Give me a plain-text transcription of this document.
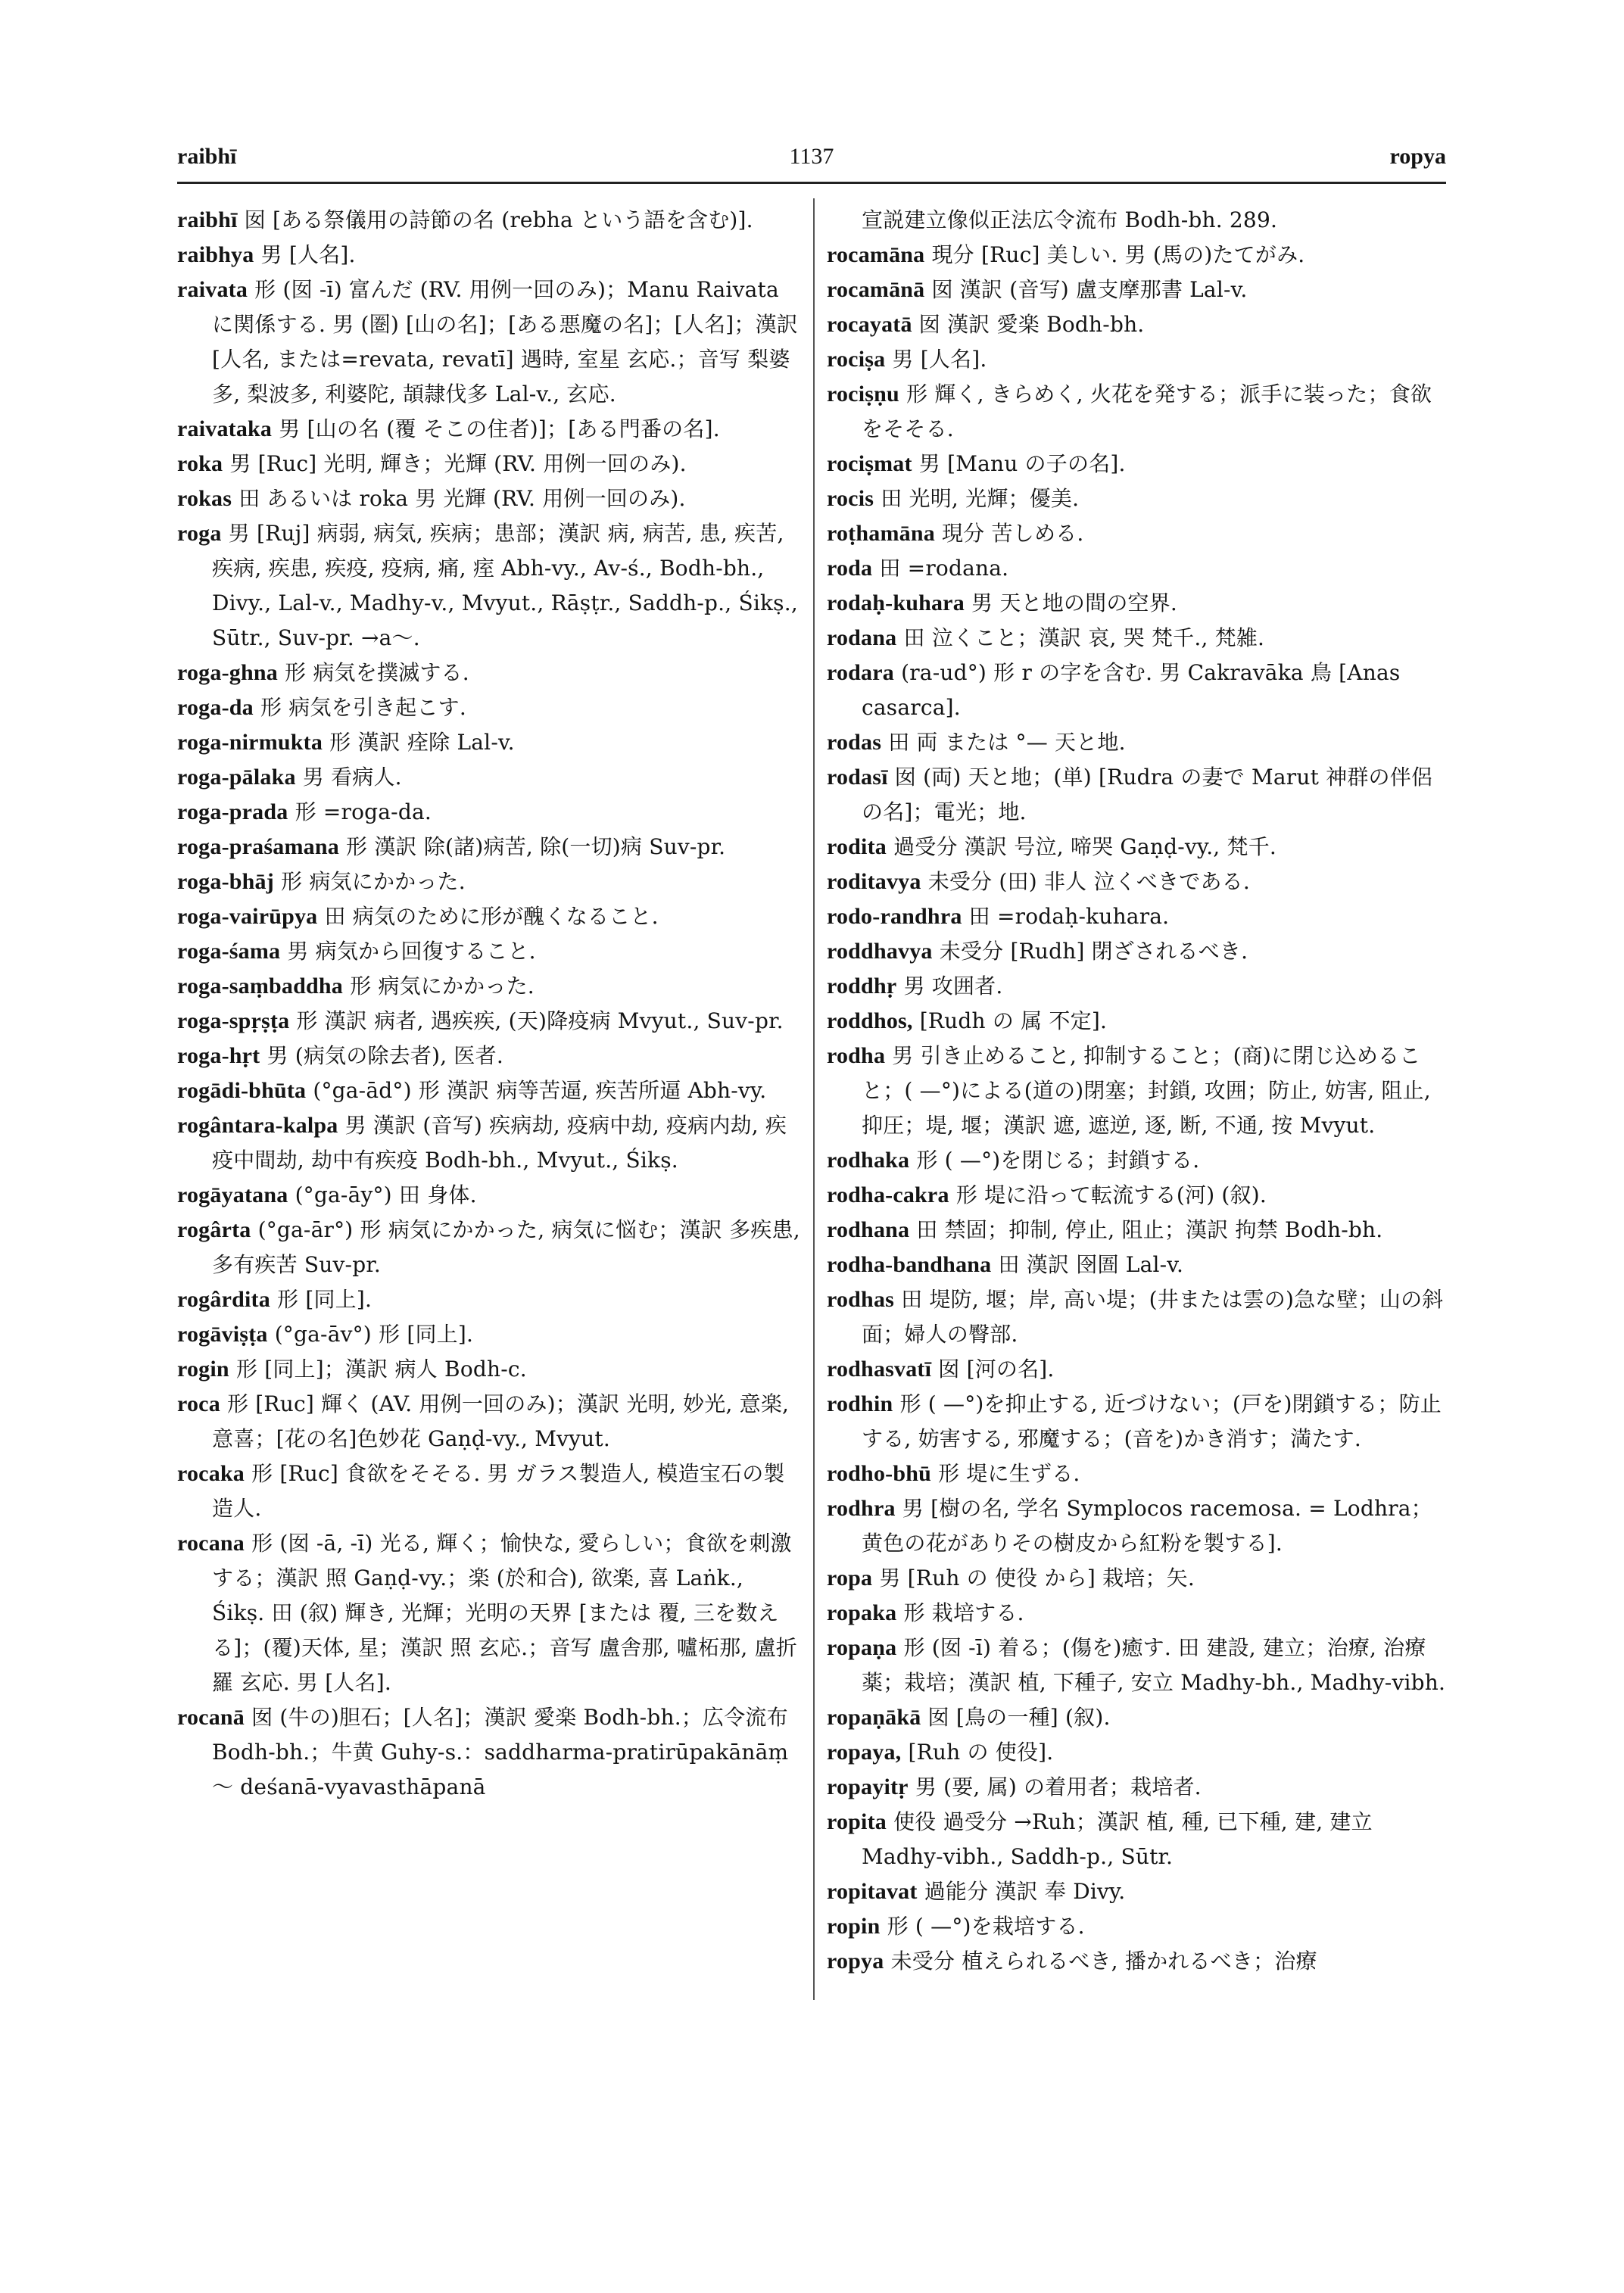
raibhī	1137	ropya

raibhī 囡 [ある祭儀用の詩節の名 (rebha という語を含む)].

raibhya 男 [人名].

raivata 形 (囡 -ī) 富んだ (RV. 用例一回のみ)；Manu Raivata に関係する. 男 (圏) [山の名]；[ある悪魔の名]；[人名]；漢訳 [人名, または=revata, revatī] 遇時, 室星 玄応.；音写 梨婆多, 梨波多, 利婆陀, 頡隷伐多 Lal-v., 玄応.

raivataka 男 [山の名 (覆 そこの住者)]；[ある門番の名].

roka 男 [Ruc] 光明, 輝き；光輝 (RV. 用例一回のみ).

rokas 田 あるいは roka 男 光輝 (RV. 用例一回のみ).

roga 男 [Ruj] 病弱, 病気, 疾病；患部；漢訳 病, 病苦, 患, 疾苦, 疾病, 疾患, 疾疫, 疫病, 痛, 痓 Abh-vy., Av-ś., Bodh-bh., Divy., Lal-v., Madhy-v., Mvyut., Rāṣṭr., Saddh-p., Śikṣ., Sūtr., Suv-pr. →a～.

roga-ghna 形 病気を撲滅する.

roga-da 形 病気を引き起こす.

roga-nirmukta 形 漢訳 痊除 Lal-v.

roga-pālaka 男 看病人.

roga-prada 形 =roga-da.

roga-praśamana 形 漢訳 除(諸)病苦, 除(一切)病 Suv-pr.

roga-bhāj 形 病気にかかった.

roga-vairūpya 田 病気のために形が醜くなること.

roga-śama 男 病気から回復すること.

roga-saṃbaddha 形 病気にかかった.

roga-spṛṣṭa 形 漢訳 病者, 遇疾疾, (天)降疫病 Mvyut., Suv-pr.

roga-hṛt 男 (病気の除去者), 医者.

rogādi-bhūta (°ga-ād°) 形 漢訳 病等苦逼, 疾苦所逼 Abh-vy.

rogântara-kalpa 男 漢訳 (音写) 疾病劫, 疫病中劫, 疫病内劫, 疾疫中間劫, 劫中有疾疫 Bodh-bh., Mvyut., Śikṣ.

rogāyatana (°ga-āy°) 田 身体.

rogârta (°ga-ār°) 形 病気にかかった, 病気に悩む；漢訳 多疾患, 多有疾苦 Suv-pr.

rogârdita 形 [同上].

rogāviṣṭa (°ga-āv°) 形 [同上].

rogin 形 [同上]；漢訳 病人 Bodh-c.

roca 形 [Ruc] 輝く (AV. 用例一回のみ)；漢訳 光明, 妙光, 意楽, 意喜；[花の名]色妙花 Gaṇḍ-vy., Mvyut.

rocaka 形 [Ruc] 食欲をそそる. 男 ガラス製造人, 模造宝石の製造人.

rocana 形 (囡 -ā, -ī) 光る, 輝く；愉快な, 愛らしい；食欲を刺激する；漢訳 照 Gaṇḍ-vy.；楽 (於和合), 欲楽, 喜 Laṅk., Śikṣ. 田 (叙) 輝き, 光輝；光明の天界 [または 覆, 三を数える]；(覆)天体, 星；漢訳 照 玄応.；音写 盧舎那, 嚧柘那, 盧折羅 玄応. 男 [人名].

rocanā 囡 (牛の)胆石；[人名]；漢訳 愛楽 Bodh-bh.；広令流布 Bodh-bh.；牛黄 Guhy-s.：saddharma-pratirūpakānāṃ ～ deśanā-vyavasthāpanā

宣説建立像似正法広令流布 Bodh-bh. 289.

rocamāna 現分 [Ruc] 美しい. 男 (馬の)たてがみ.

rocamānā 囡 漢訳 (音写) 盧支摩那書 Lal-v.

rocayatā 囡 漢訳 愛楽 Bodh-bh.

rociṣa 男 [人名].

rociṣṇu 形 輝く, きらめく, 火花を発する；派手に装った；食欲をそそる.

rociṣmat 男 [Manu の子の名].

rocis 田 光明, 光輝；優美.

roṭhamāna 現分 苦しめる.

roda 田 =rodana.

rodaḥ-kuhara 男 天と地の間の空界.

rodana 田 泣くこと；漢訳 哀, 哭 梵千., 梵雑.

rodara (ra-ud°) 形 r の字を含む. 男 Cakravāka 鳥 [Anas casarca].

rodas 田 両 または °— 天と地.

rodasī 囡 (両) 天と地；(単) [Rudra の妻で Marut 神群の伴侶の名]；電光；地.

rodita 過受分 漢訳 号泣, 啼哭 Gaṇḍ-vy., 梵千.

roditavya 未受分 (田) 非人 泣くべきである.

rodo-randhra 田 =rodaḥ-kuhara.

roddhavya 未受分 [Rudh] 閉ざされるべき.

roddhṛ 男 攻囲者.

roddhos, [Rudh の 属 不定].

rodha 男 引き止めること, 抑制すること；(商)に閉じ込めること；( —°)による(道の)閉塞；封鎖, 攻囲；防止, 妨害, 阻止, 抑圧；堤, 堰；漢訳 遮, 遮逆, 逐, 断, 不通, 按 Mvyut.

rodhaka 形 ( —°)を閉じる；封鎖する.

rodha-cakra 形 堤に沿って転流する(河) (叙).

rodhana 田 禁固；抑制, 停止, 阻止；漢訳 拘禁 Bodh-bh.

rodha-bandhana 田 漢訳 囹圄 Lal-v.

rodhas 田 堤防, 堰；岸, 高い堤；(井または雲の)急な壁；山の斜面；婦人の臀部.

rodhasvatī 囡 [河の名].

rodhin 形 ( —°)を抑止する, 近づけない；(戸を)閉鎖する；防止する, 妨害する, 邪魔する；(音を)かき消す；満たす.

rodho-bhū 形 堤に生ずる.

rodhra 男 [樹の名, 学名 Symplocos racemosa. = Lodhra； 黄色の花がありその樹皮から紅粉を製する].

ropa 男 [Ruh の 使役 から] 栽培；矢.

ropaka 形 栽培する.

ropaṇa 形 (囡 -ī) 着る；(傷を)癒す. 田 建設, 建立；治療, 治療薬；栽培；漢訳 植, 下種子, 安立 Madhy-bh., Madhy-vibh.

ropaṇākā 囡 [鳥の一種] (叙).

ropaya, [Ruh の 使役].

ropayitṛ 男 (要, 属) の着用者；栽培者.

ropita 使役 過受分 →Ruh；漢訳 植, 種, 已下種, 建, 建立 Madhy-vibh., Saddh-p., Sūtr.

ropitavat 過能分 漢訳 奉 Divy.

ropin 形 ( —°)を栽培する.

ropya 未受分 植えられるべき, 播かれるべき；治療
